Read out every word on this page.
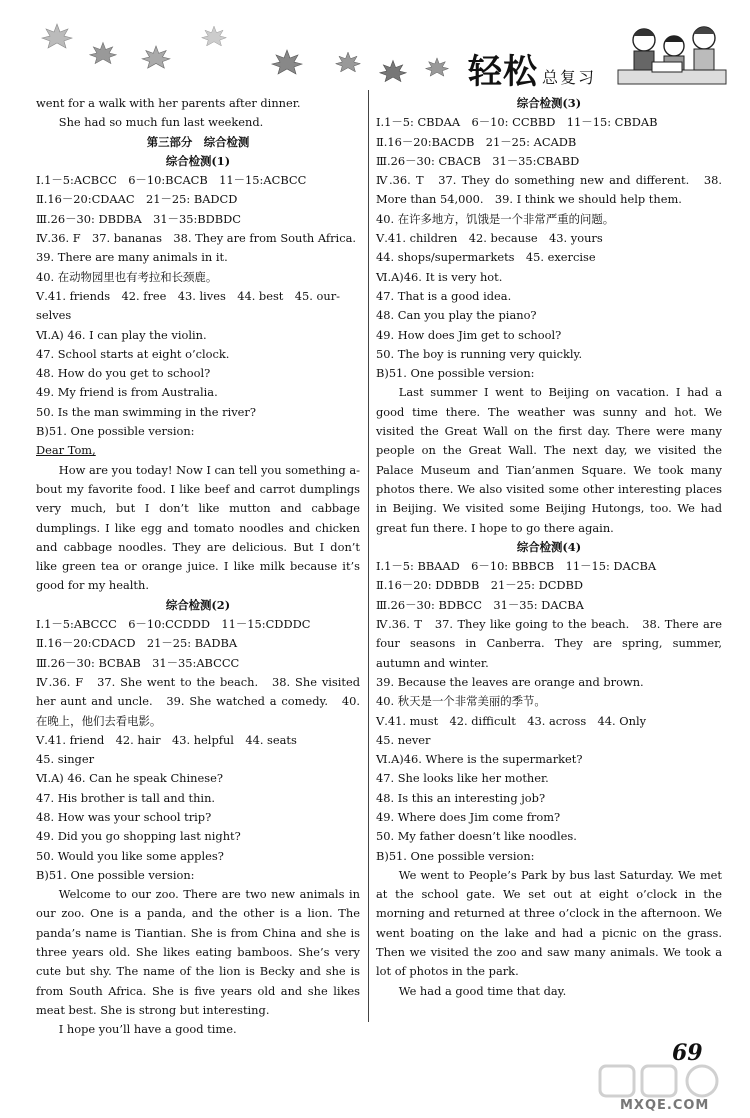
轻松 总复习
went for a walk with her parents after dinner.
She had so much fun last weekend.
第三部分　综合检测
综合检测(1)
Ⅰ.1－5:ACBCC　6－10:BCACB　11－15:ACBCC
Ⅱ.16－20:CDAAC　21－25: BADCD
Ⅲ.26－30: DBDBA　31－35:BDBDC
Ⅳ.36. F　37. bananas　38. They are from South Africa.
39. There are many animals in it.
40. 在动物园里也有考拉和长颈鹿。
Ⅴ.41. friends　42. free　43. lives　44. best　45. our-
selves
Ⅵ.A) 46. I can play the violin.
47. School starts at eight o’clock.
48. How do you get to school?
49. My friend is from Australia.
50. Is the man swimming in the river?
B)51. One possible version:
Dear Tom,
How are you today! Now I can tell you something a-bout my favorite food. I like beef and carrot dumplings very much, but I don’t like mutton and cabbage dumplings. I like egg and tomato noodles and chicken and cabbage noodles. They are delicious. But I don’t like green tea or orange juice. I like milk because it’s good for my health.
综合检测(2)
Ⅰ.1－5:ABCCC　6－10:CCDDD　11－15:CDDDC
Ⅱ.16－20:CDACD　21－25: BADBA
Ⅲ.26－30: BCBAB　31－35:ABCCC
Ⅳ.36. F　37. She went to the beach.　38. She visited her aunt and uncle.　39. She watched a comedy.　40. 在晚上，他们去看电影。
Ⅴ.41. friend　42. hair　43. helpful　44. seats
45. singer
Ⅵ.A) 46. Can he speak Chinese?
47. His brother is tall and thin.
48. How was your school trip?
49. Did you go shopping last night?
50. Would you like some apples?
B)51. One possible version:
Welcome to our zoo. There are two new animals in our zoo. One is a panda, and the other is a lion. The panda’s name is Tiantian. She is from China and she is three years old. She likes eating bamboos. She’s very cute but shy. The name of the lion is Becky and she is from South Africa. She is five years old and she likes meat best. She is strong but interesting.
I hope you’ll have a good time.
综合检测(3)
Ⅰ.1－5: CBDAA　6－10: CCBBD　11－15: CBDAB
Ⅱ.16－20:BACDB　21－25: ACADB
Ⅲ.26－30: CBACB　31－35:CBABD
Ⅳ.36. T　37. They do something new and different.　38. More than 54,000.　39. I think we should help them.
40. 在许多地方，饥饿是一个非常严重的问题。
Ⅴ.41. children　42. because　43. yours
44. shops/supermarkets　45. exercise
Ⅵ.A)46. It is very hot.
47. That is a good idea.
48. Can you play the piano?
49. How does Jim get to school?
50. The boy is running very quickly.
B)51. One possible version:
Last summer I went to Beijing on vacation. I had a good time there. The weather was sunny and hot. We visited the Great Wall on the first day. There were many people on the Great Wall. The next day, we visited the Palace Museum and Tian’anmen Square. We took many photos there. We also visited some other interesting places in Beijing. We visited some Beijing Hutongs, too. We had great fun there. I hope to go there again.
综合检测(4)
Ⅰ.1－5: BBAAD　6－10: BBBCB　11－15: DACBA
Ⅱ.16－20: DDBDB　21－25: DCDBD
Ⅲ.26－30: BDBCC　31－35: DACBA
Ⅳ.36. T　37. They like going to the beach.　38. There are four seasons in Canberra. They are spring, summer, autumn and winter.
39. Because the leaves are orange and brown.
40. 秋天是一个非常美丽的季节。
Ⅴ.41. must　42. difficult　43. across　44. Only
45. never
Ⅵ.A)46. Where is the supermarket?
47. She looks like her mother.
48. Is this an interesting job?
49. Where does Jim come from?
50. My father doesn’t like noodles.
B)51. One possible version:
We went to People’s Park by bus last Saturday. We met at the school gate. We set out at eight o’clock in the morning and returned at three o’clock in the afternoon. We went boating on the lake and had a picnic on the grass. Then we visited the zoo and saw many animals. We took a lot of photos in the park.
We had a good time that day.
69
MXQE.COM
